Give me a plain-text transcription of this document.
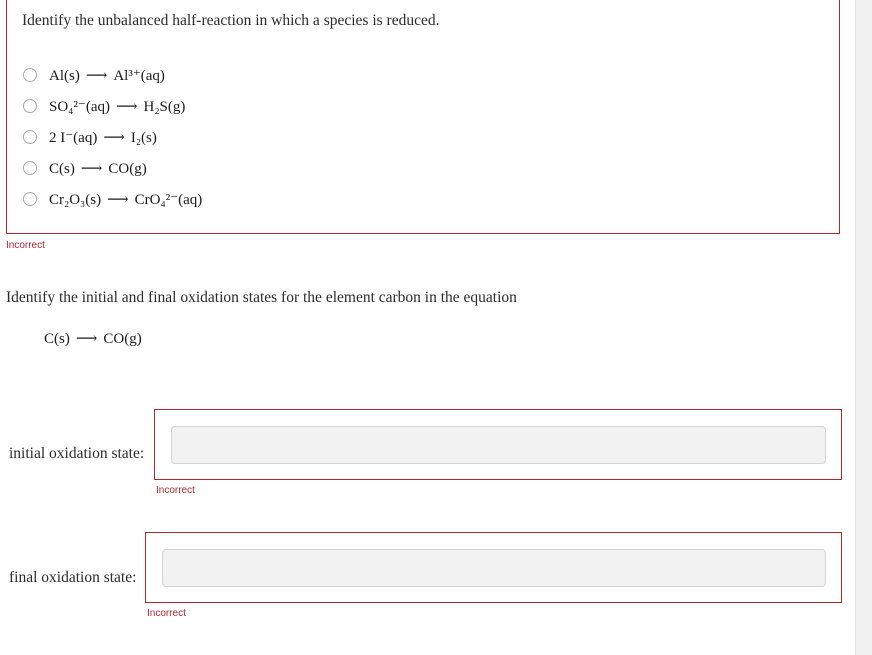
Identify the unbalanced half-reaction in which a species is reduced.
Al(s) ⟶ Al³⁺(aq)
SO₄²⁻(aq) ⟶ H₂S(g)
2 I⁻(aq) ⟶ I₂(s)
C(s) ⟶ CO(g)
Cr₂O₃(s) ⟶ CrO₄²⁻(aq)
Incorrect
Identify the initial and final oxidation states for the element carbon in the equation
C(s) ⟶ CO(g)
initial oxidation state:
Incorrect
final oxidation state:
Incorrect
